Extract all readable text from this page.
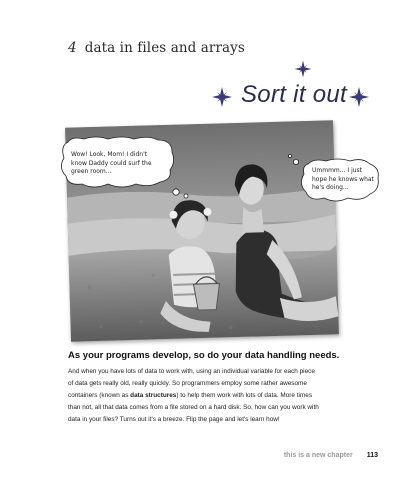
4 data in files and arrays
Sort it out
Wow! Look, Mom! I didn't
know Daddy could surf the
green room...	Ummmm... I just
hope he knows what
he's doing...
As your programs develop, so do your data handling needs.

And when you have lots of data to work with, using an individual variable for each piece
of data gets really old, really quickly. So programmers employ some rather awesome
containers (known as data structures) to help them work with lots of data. More times
than not, all that data comes from a file stored on a hard disk. So, how can you work with
data in your files? Turns out it's a breeze. Flip the page and let's learn how!

this is a new chapter 113
